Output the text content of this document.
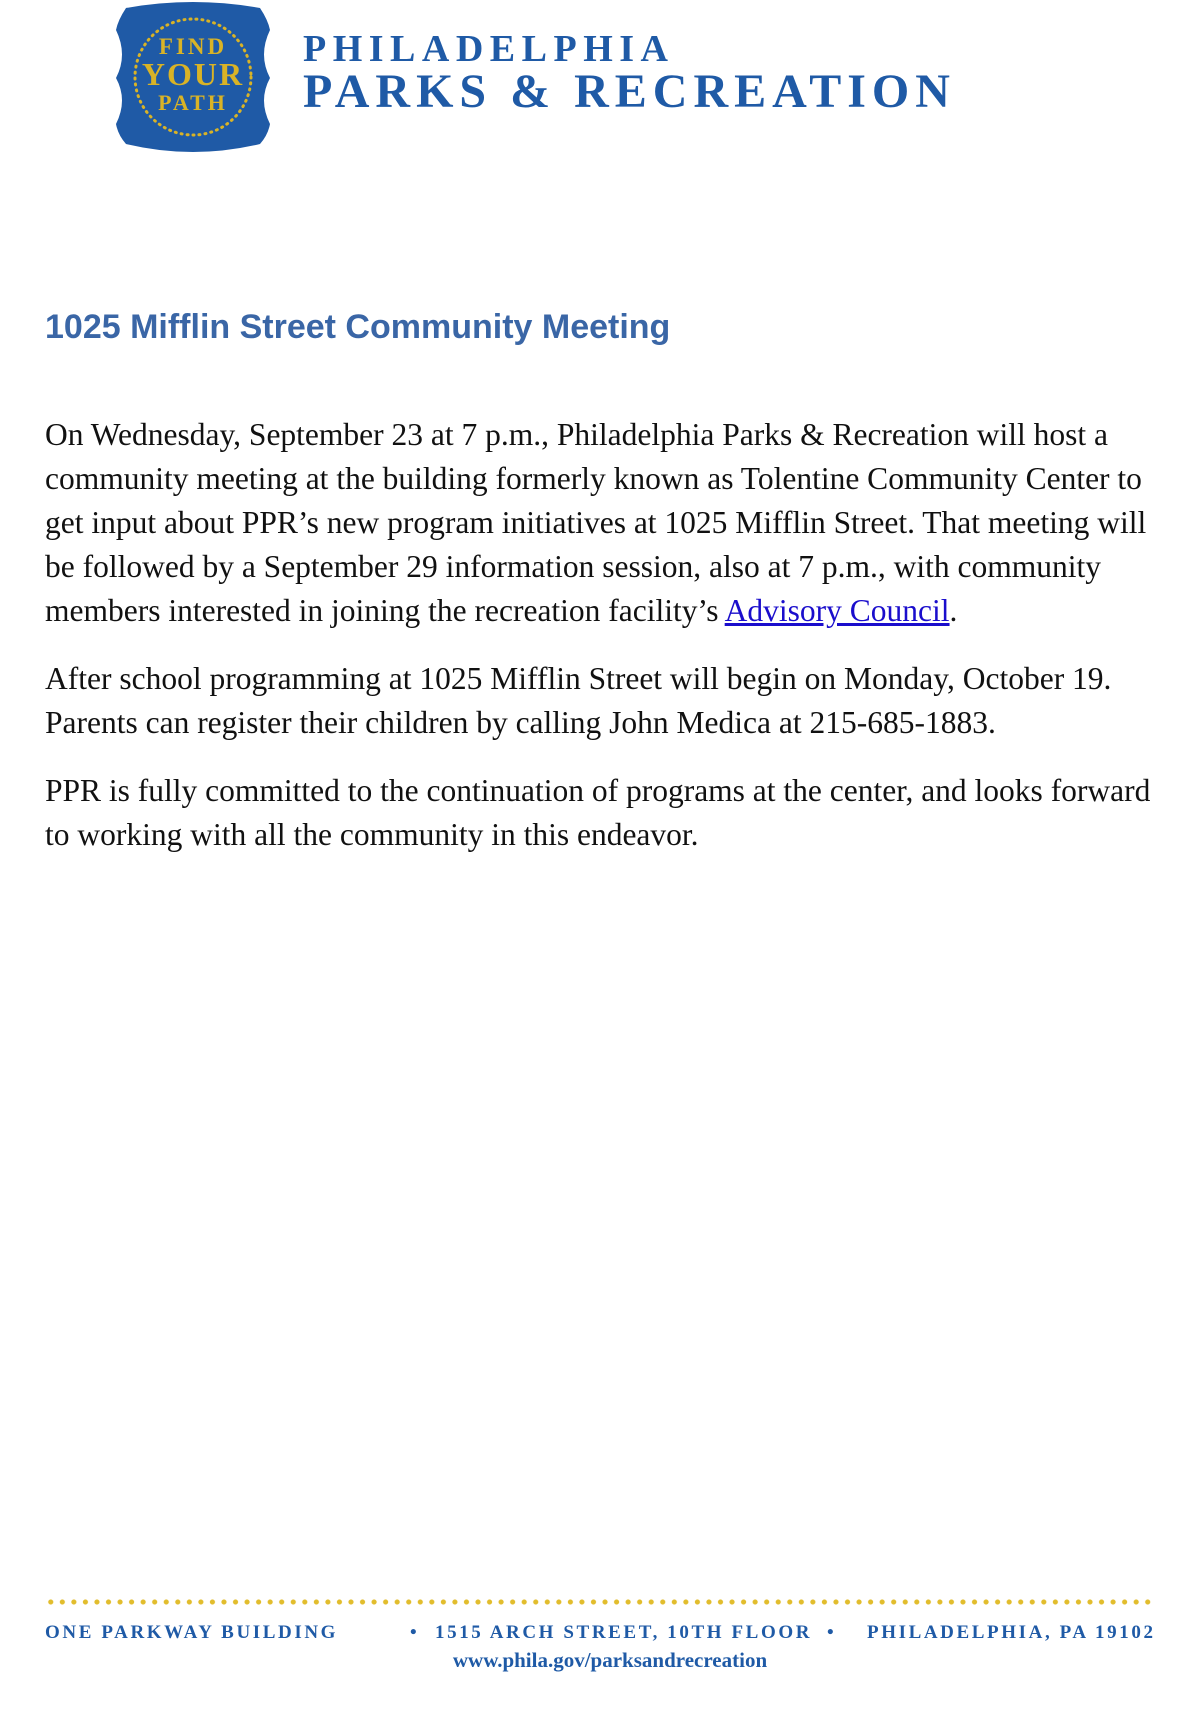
FIND
YOUR
PATH
PHILADELPHIA
PARKS & RECREATION
1025 Mifflin Street Community Meeting

On Wednesday, September 23 at 7 p.m., Philadelphia Parks & Recreation will host a community meeting at the building formerly known as Tolentine Community Center to get input about PPR’s new program initiatives at 1025 Mifflin Street. That meeting will be followed by a September 29 information session, also at 7 p.m., with community members interested in joining the recreation facility’s Advisory Council.

After school programming at 1025 Mifflin Street will begin on Monday, October 19. Parents can register their children by calling John Medica at 215-685-1883.

PPR is fully committed to the continuation of programs at the center, and looks forward to working with all the community in this endeavor.

ONE PARKWAY BUILDING	• 1515 ARCH STREET, 10TH FLOOR • PHILADELPHIA, PA 19102
www.phila.gov/parksandrecreation
